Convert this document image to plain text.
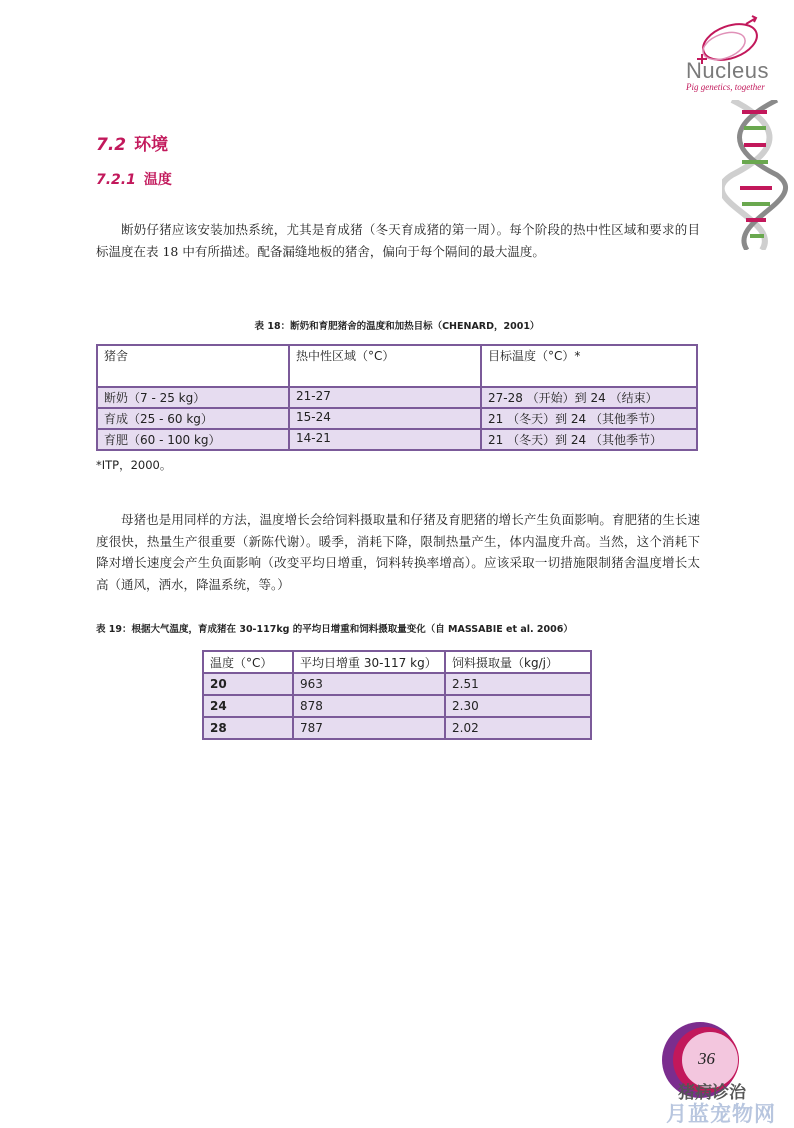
Nucleus
Pig genetics, together
7.2 环境
7.2.1 温度

断奶仔猪应该安装加热系统，尤其是育成猪（冬天育成猪的第一周）。每个阶段的热中性区域和要求的目标温度在表 18 中有所描述。配备漏缝地板的猪舍，偏向于每个隔间的最大温度。

表 18：断奶和育肥猪舍的温度和加热目标（CHENARD，2001）
猪舍	热中性区域（°C）	目标温度（°C）*
断奶（7 - 25 kg）	21-27	27-28 （开始）到 24 （结束）
育成（25 - 60 kg）	15-24	21 （冬天）到 24 （其他季节）
育肥（60 - 100 kg）	14-21	21 （冬天）到 24 （其他季节）
*ITP，2000。

母猪也是用同样的方法，温度增长会给饲料摄取量和仔猪及育肥猪的增长产生负面影响。育肥猪的生长速度很快，热量生产很重要（新陈代谢）。暖季，消耗下降，限制热量产生，体内温度升高。当然，这个消耗下降对增长速度会产生负面影响（改变平均日增重，饲料转换率增高）。应该采取一切措施限制猪舍温度增长太高（通风，洒水，降温系统，等。）

表 19：根据大气温度，育成猪在 30-117kg 的平均日增重和饲料摄取量变化（自 MASSABIE et al. 2006）
温度（°C）	平均日增重 30-117 kg）	饲料摄取量（kg/j）
20	963	2.51
24	878	2.30
28	787	2.02
36
猪病诊治
月蓝宠物网
